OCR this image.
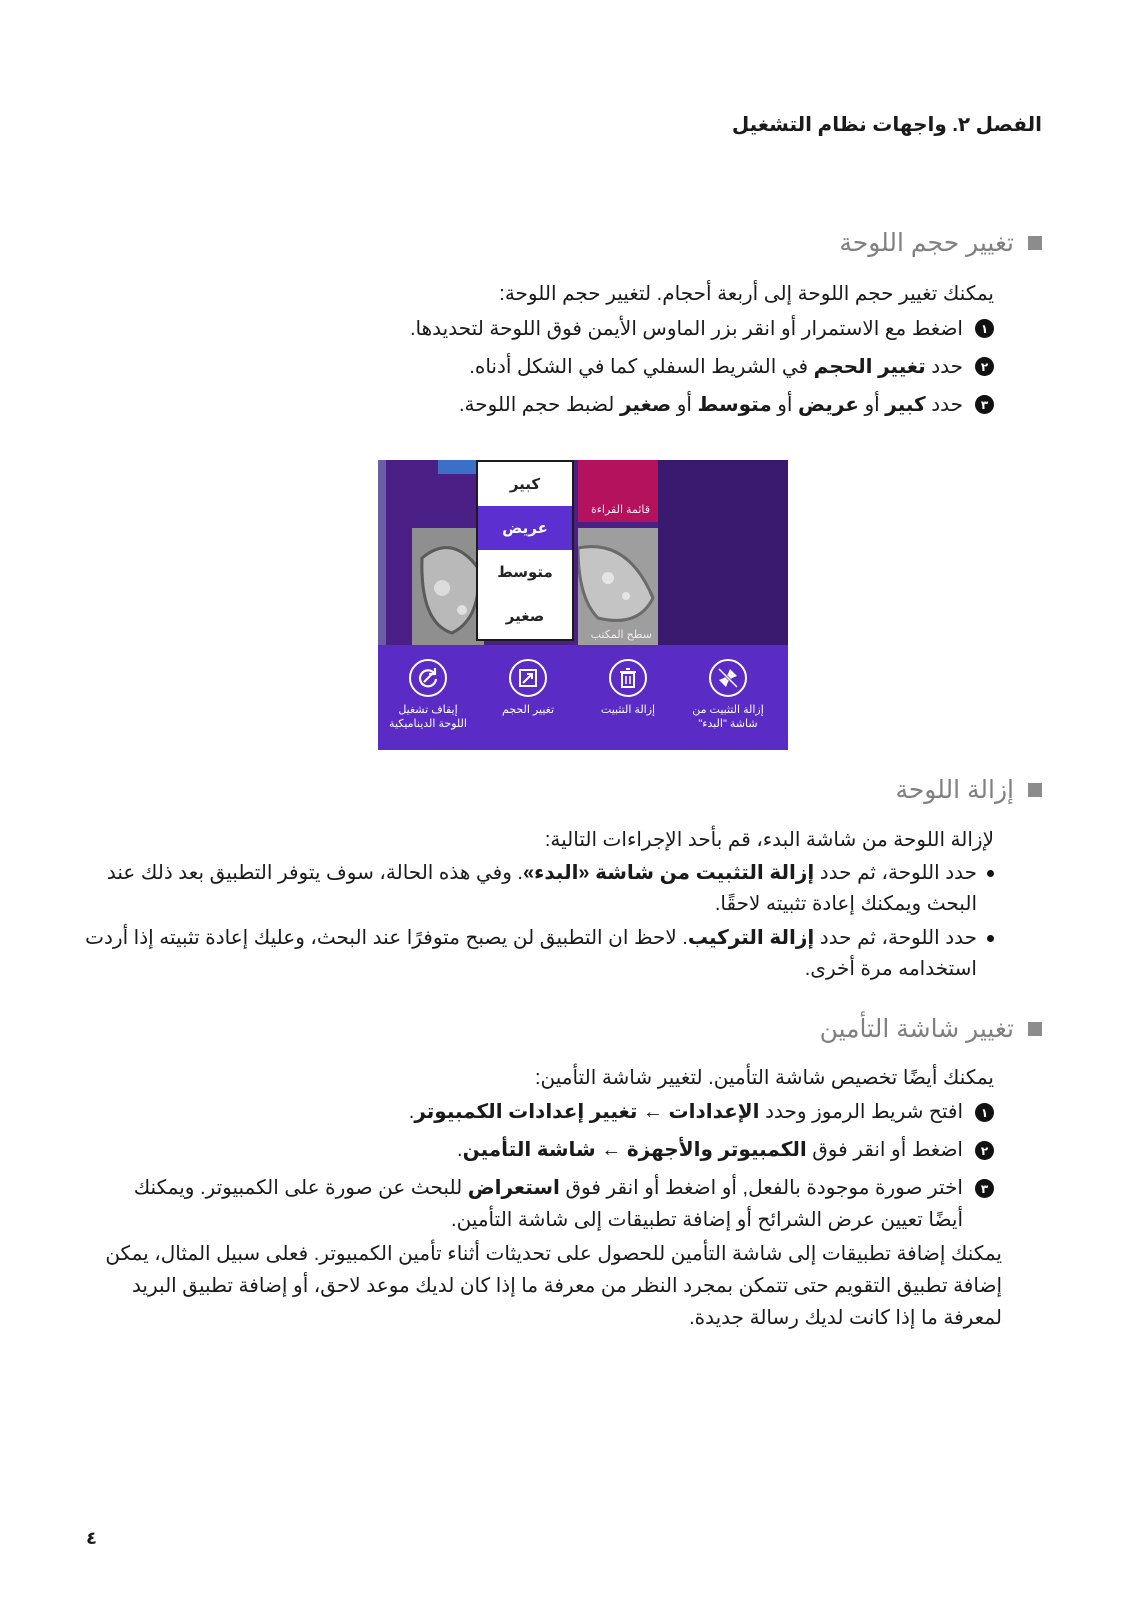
الفصل ٢. واجهات نظام التشغيل
تغيير حجم اللوحة

يمكنك تغيير حجم اللوحة إلى أربعة أحجام. لتغيير حجم اللوحة:

١
اضغط مع الاستمرار أو انقر بزر الماوس الأيمن فوق اللوحة لتحديدها.
٢
حدد تغيير الحجم في الشريط السفلي كما في الشكل أدناه.
٣
حدد كبير أو عريض أو متوسط أو صغير لضبط حجم اللوحة.
قائمة القراءة
سطح المكتب
كبير
عريض
متوسط
صغير
إيقاف تشغيل
اللوحة الديناميكية
تغيير الحجم	إزالة التثبيت	إزالة التثبيت من
شاشة "البدء"
إزالة اللوحة

لإزالة اللوحة من شاشة البدء، قم بأحد الإجراءات التالية:

حدد اللوحة، ثم حدد إزالة التثبيت من شاشة «البدء». وفي هذه الحالة، سوف يتوفر التطبيق بعد ذلك عند البحث ويمكنك إعادة تثبيته لاحقًا.
حدد اللوحة، ثم حدد إزالة التركيب. لاحظ ان التطبيق لن يصبح متوفرًا عند البحث، وعليك إعادة تثبيته إذا أردت استخدامه مرة أخرى.
تغيير شاشة التأمين

يمكنك أيضًا تخصيص شاشة التأمين. لتغيير شاشة التأمين:

١
افتح شريط الرموز وحدد الإعدادات ← تغيير إعدادات الكمبيوتر.
٢
اضغط أو انقر فوق الكمبيوتر والأجهزة ← شاشة التأمين.
٣
اختر صورة موجودة بالفعل, أو اضغط أو انقر فوق استعراض للبحث عن صورة على الكمبيوتر. ويمكنك أيضًا تعيين عرض الشرائح أو إضافة تطبيقات إلى شاشة التأمين.

يمكنك إضافة تطبيقات إلى شاشة التأمين للحصول على تحديثات أثناء تأمين الكمبيوتر. فعلى سبيل المثال، يمكن إضافة تطبيق التقويم حتى تتمكن بمجرد النظر من معرفة ما إذا كان لديك موعد لاحق، أو إضافة تطبيق البريد لمعرفة ما إذا كانت لديك رسالة جديدة.

٤
